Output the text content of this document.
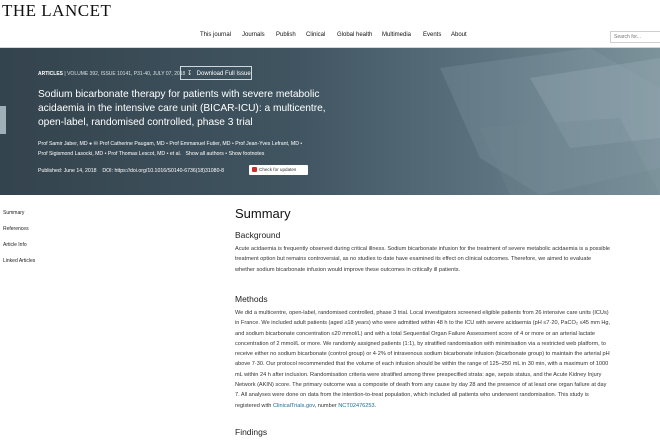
THE LANCET
This journal Journals Publish Clinical Global health Multimedia Events About	Search for...
ARTICLES | VOLUME 392, ISSUE 10141, P31-40, JULY 07, 2018 ↧ Download Full Issue
Sodium bicarbonate therapy for patients with severe metabolic acidaemia in the intensive care unit (BICAR-ICU): a multicentre, open-label, randomised controlled, phase 3 trial
Prof Samir Jaber, MD ● ✉ Prof Catherine Paugam, MD • Prof Emmanuel Futier, MD • Prof Jean-Yves Lefrant, MD •
Prof Sigismond Lasocki, MD • Prof Thomas Lescot, MD • et al. Show all authors • Show footnotes
Published: June 14, 2018 DOI: https://doi.org/10.1016/S0140-6736(18)31080-8	Check for updates
Summary
References
Article Info
Linked Articles
Summary
Background
Acute acidaemia is frequently observed during critical illness. Sodium bicarbonate infusion for the treatment of severe metabolic acidaemia is a possible treatment option but remains controversial, as no studies to date have examined its effect on clinical outcomes. Therefore, we aimed to evaluate whether sodium bicarbonate infusion would improve these outcomes in critically ill patients.
Methods
We did a multicentre, open-label, randomised controlled, phase 3 trial. Local investigators screened eligible patients from 26 intensive care units (ICUs) in France. We included adult patients (aged ≥18 years) who were admitted within 48 h to the ICU with severe acidaemia (pH ≤7·20, PaCO₂ ≤45 mm Hg, and sodium bicarbonate concentration ≤20 mmol/L) and with a total Sequential Organ Failure Assessment score of 4 or more or an arterial lactate concentration of 2 mmol/L or more. We randomly assigned patients (1:1), by stratified randomisation with minimisation via a restricted web platform, to receive either no sodium bicarbonate (control group) or 4·2% of intravenous sodium bicarbonate infusion (bicarbonate group) to maintain the arterial pH above 7·30. Our protocol recommended that the volume of each infusion should be within the range of 125–250 mL in 30 min, with a maximum of 1000 mL within 24 h after inclusion. Randomisation criteria were stratified among three prespecified strata: age, sepsis status, and the Acute Kidney Injury Network (AKIN) score. The primary outcome was a composite of death from any cause by day 28 and the presence of at least one organ failure at day 7. All analyses were done on data from the intention-to-treat population, which included all patients who underwent randomisation. This study is registered with ClinicalTrials.gov, number NCT02476253.
Findings
